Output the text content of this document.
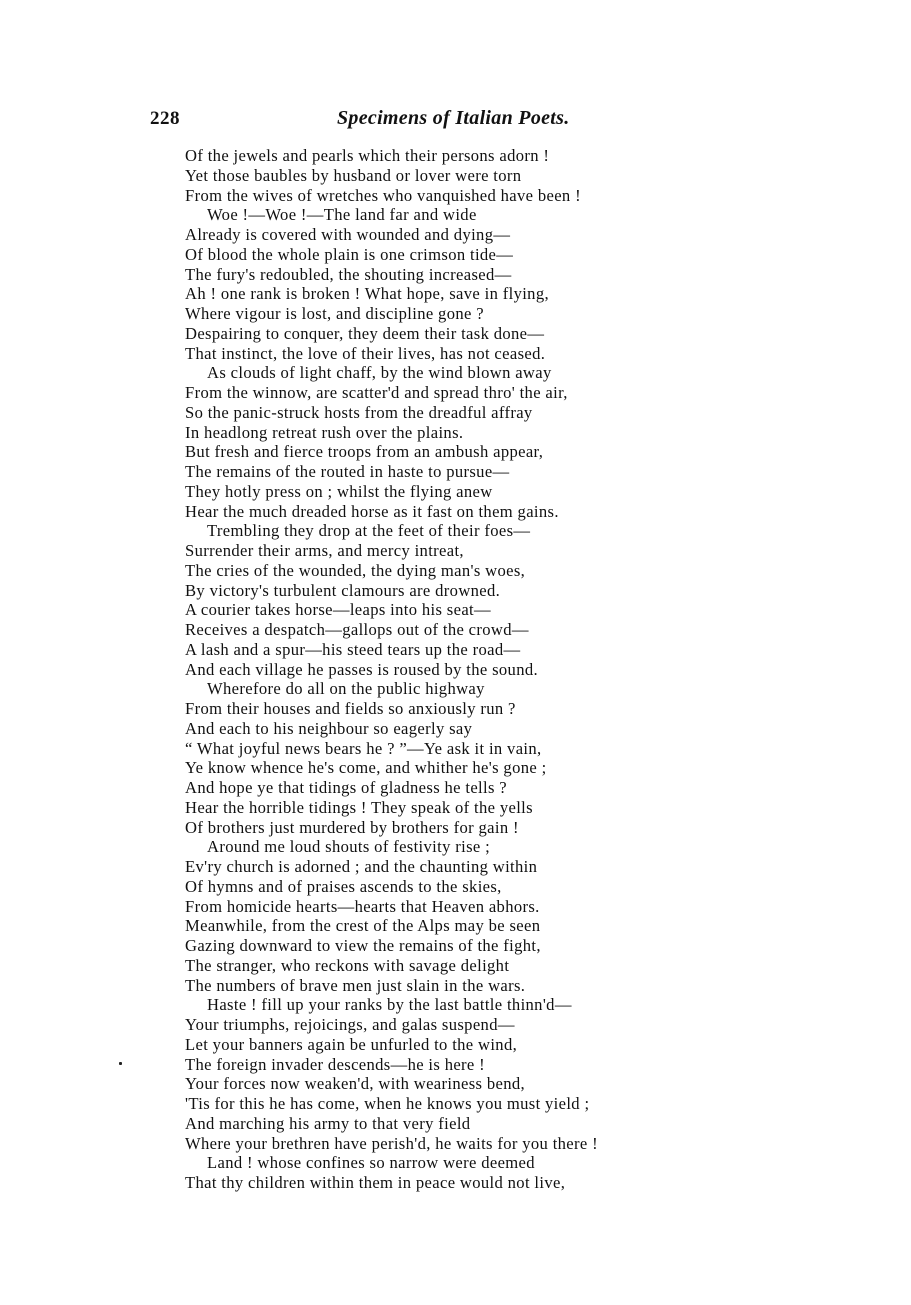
228	Specimens of Italian Poets.
Of the jewels and pearls which their persons adorn !
Yet those baubles by husband or lover were torn
From the wives of wretches who vanquished have been !
Woe !—Woe !—The land far and wide
Already is covered with wounded and dying—
Of blood the whole plain is one crimson tide—
The fury's redoubled, the shouting increased—
Ah ! one rank is broken ! What hope, save in flying,
Where vigour is lost, and discipline gone ?
Despairing to conquer, they deem their task done—
That instinct, the love of their lives, has not ceased.
As clouds of light chaff, by the wind blown away
From the winnow, are scatter'd and spread thro' the air,
So the panic-struck hosts from the dreadful affray
In headlong retreat rush over the plains.
But fresh and fierce troops from an ambush appear,
The remains of the routed in haste to pursue—
They hotly press on ; whilst the flying anew
Hear the much dreaded horse as it fast on them gains.
Trembling they drop at the feet of their foes—
Surrender their arms, and mercy intreat,
The cries of the wounded, the dying man's woes,
By victory's turbulent clamours are drowned.
A courier takes horse—leaps into his seat—
Receives a despatch—gallops out of the crowd—
A lash and a spur—his steed tears up the road—
And each village he passes is roused by the sound.
Wherefore do all on the public highway
From their houses and fields so anxiously run ?
And each to his neighbour so eagerly say
“ What joyful news bears he ? ”—Ye ask it in vain,
Ye know whence he's come, and whither he's gone ;
And hope ye that tidings of gladness he tells ?
Hear the horrible tidings ! They speak of the yells
Of brothers just murdered by brothers for gain !
Around me loud shouts of festivity rise ;
Ev'ry church is adorned ; and the chaunting within
Of hymns and of praises ascends to the skies,
From homicide hearts—hearts that Heaven abhors.
Meanwhile, from the crest of the Alps may be seen
Gazing downward to view the remains of the fight,
The stranger, who reckons with savage delight
The numbers of brave men just slain in the wars.
Haste ! fill up your ranks by the last battle thinn'd—
Your triumphs, rejoicings, and galas suspend—
Let your banners again be unfurled to the wind,
The foreign invader descends—he is here !
Your forces now weaken'd, with weariness bend,
'Tis for this he has come, when he knows you must yield ;
And marching his army to that very field
Where your brethren have perish'd, he waits for you there !
Land ! whose confines so narrow were deemed
That thy children within them in peace would not live,
